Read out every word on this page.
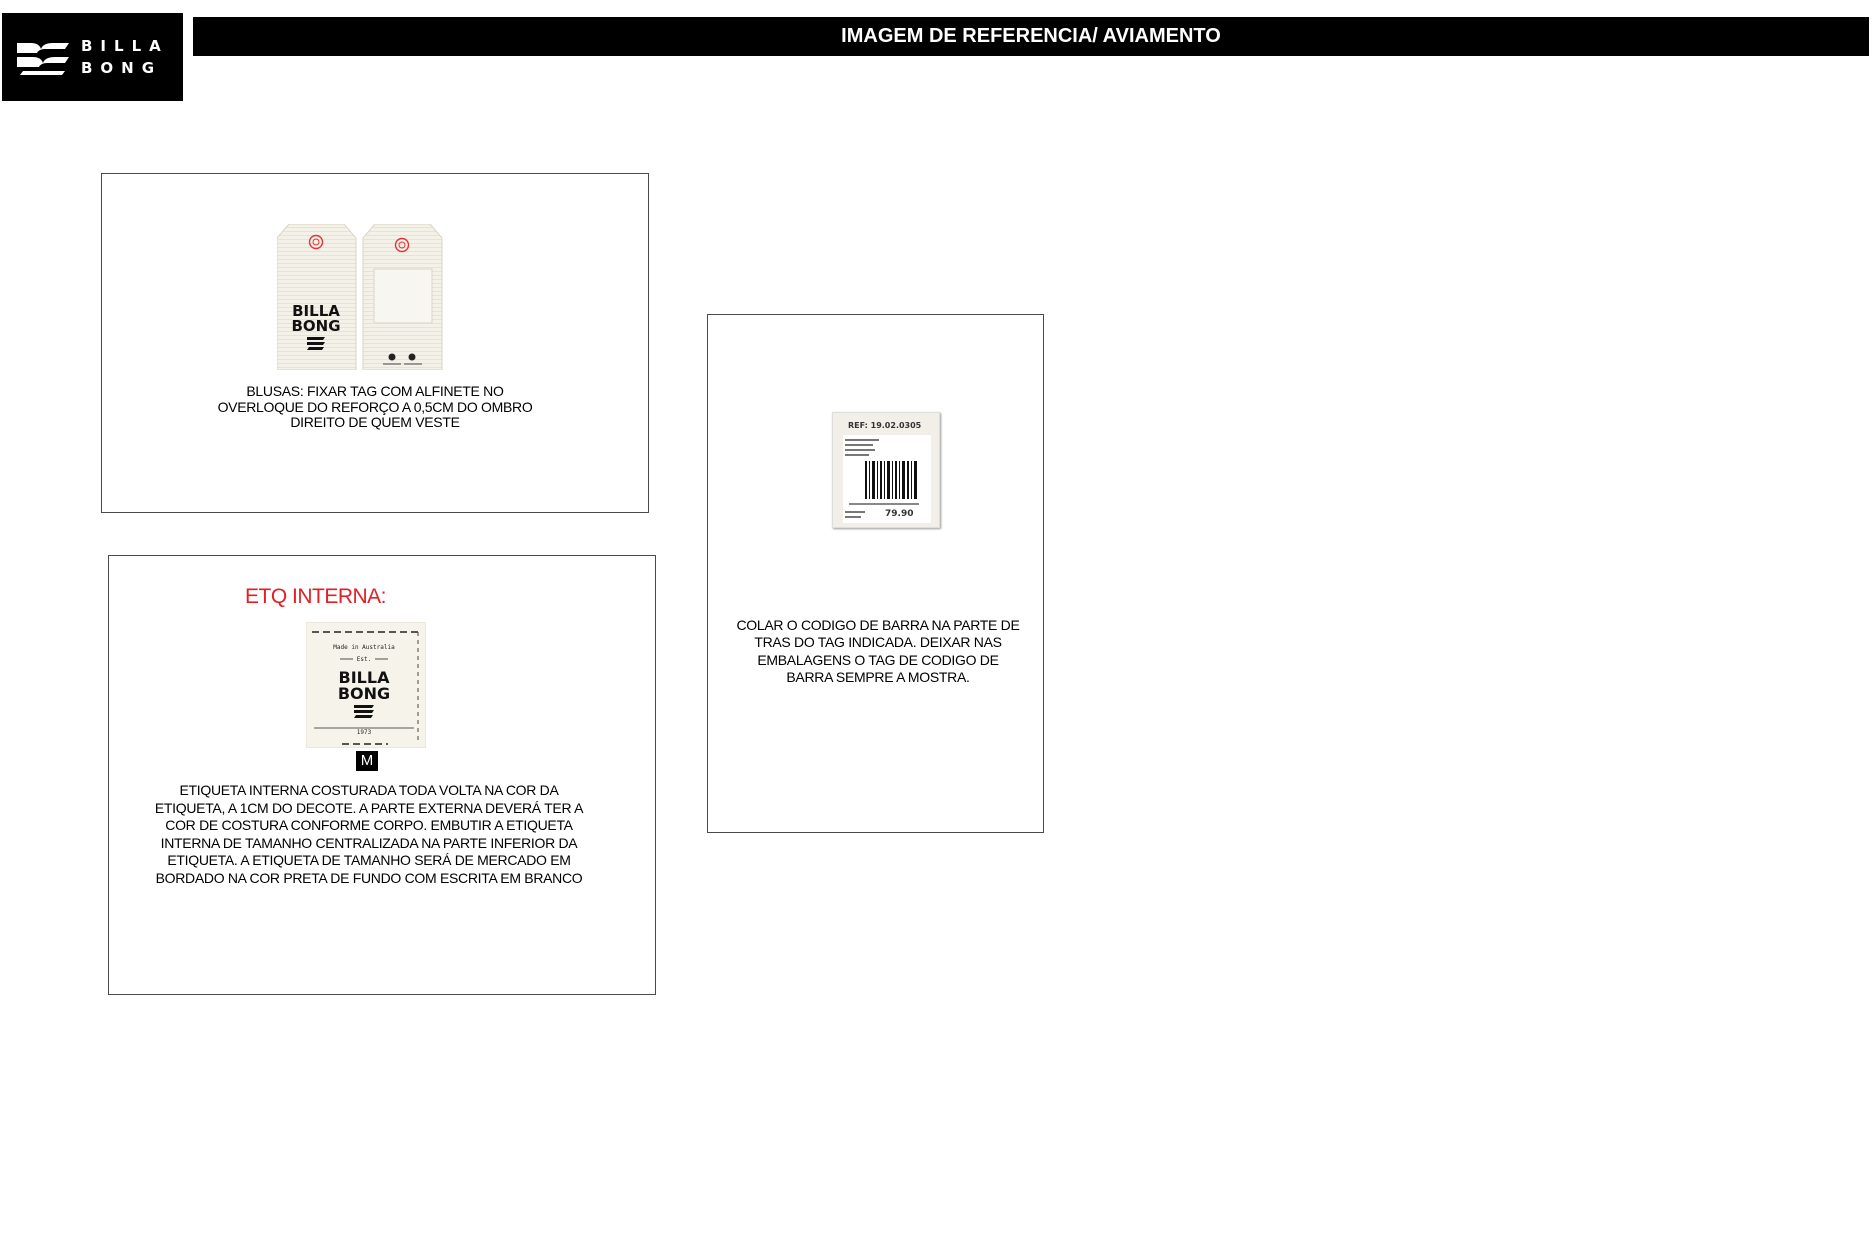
BILLA
BONG
IMAGEM DE REFERENCIA/ AVIAMENTO
BILLA
BONG
BLUSAS: FIXAR TAG COM ALFINETE NO OVERLOQUE DO REFORÇO A 0,5CM DO OMBRO DIREITO DE QUEM VESTE
ETQ INTERNA:
Made in Australia
Est.
BILLA
BONG
1973
M
ETIQUETA INTERNA COSTURADA TODA VOLTA NA COR DA ETIQUETA, A 1CM DO DECOTE. A PARTE EXTERNA DEVERÁ TER A COR DE COSTURA CONFORME CORPO. EMBUTIR A ETIQUETA INTERNA DE TAMANHO CENTRALIZADA NA PARTE INFERIOR DA ETIQUETA. A ETIQUETA DE TAMANHO SERÁ DE MERCADO EM BORDADO NA COR PRETA DE FUNDO COM ESCRITA EM BRANCO
REF: 19.02.0305
79.90
COLAR O CODIGO DE BARRA NA PARTE DE TRAS DO TAG INDICADA. DEIXAR NAS EMBALAGENS O TAG DE CODIGO DE BARRA SEMPRE A MOSTRA.
